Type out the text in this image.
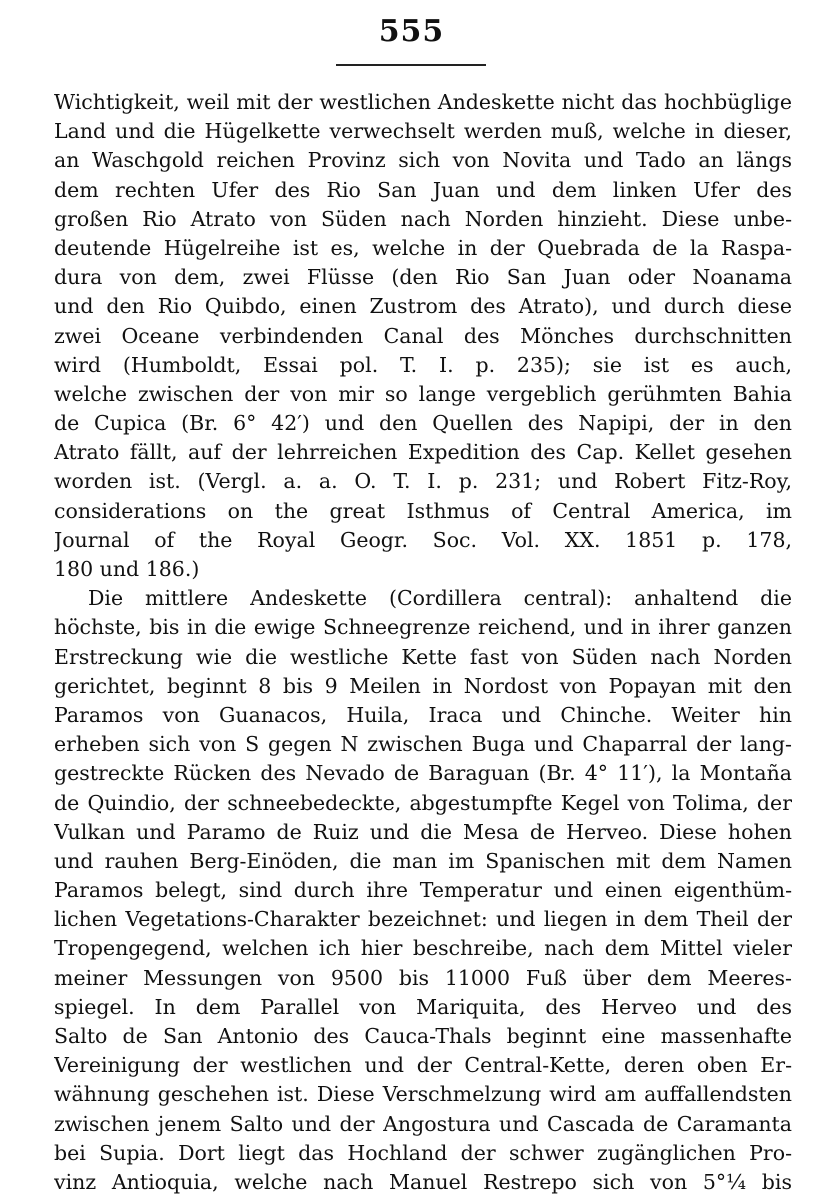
555
Wichtigkeit, weil mit der westlichen Andeskette nicht das hochbüglige
Land und die Hügelkette verwechselt werden muß, welche in dieser,
an Waschgold reichen Provinz sich von Novita und Tado an längs
dem rechten Ufer des Rio San Juan und dem linken Ufer des
großen Rio Atrato von Süden nach Norden hinzieht. Diese unbe-
deutende Hügelreihe ist es, welche in der Quebrada de la Raspa-
dura von dem, zwei Flüsse (den Rio San Juan oder Noanama
und den Rio Quibdo, einen Zustrom des Atrato), und durch diese
zwei Oceane verbindenden Canal des Mönches durchschnitten
wird (Humboldt, Essai pol. T. I. p. 235); sie ist es auch,
welche zwischen der von mir so lange vergeblich gerühmten Bahia
de Cupica (Br. 6° 42′) und den Quellen des Napipi, der in den
Atrato fällt, auf der lehrreichen Expedition des Cap. Kellet gesehen
worden ist. (Vergl. a. a. O. T. I. p. 231; und Robert Fitz-Roy,
considerations on the great Isthmus of Central America, im
Journal of the Royal Geogr. Soc. Vol. XX. 1851 p. 178,
180 und 186.)
Die mittlere Andeskette (Cordillera central): anhaltend die
höchste, bis in die ewige Schneegrenze reichend, und in ihrer ganzen
Erstreckung wie die westliche Kette fast von Süden nach Norden
gerichtet, beginnt 8 bis 9 Meilen in Nordost von Popayan mit den
Paramos von Guanacos, Huila, Iraca und Chinche. Weiter hin
erheben sich von S gegen N zwischen Buga und Chaparral der lang-
gestreckte Rücken des Nevado de Baraguan (Br. 4° 11′), la Montaña
de Quindio, der schneebedeckte, abgestumpfte Kegel von Tolima, der
Vulkan und Paramo de Ruiz und die Mesa de Herveo. Diese hohen
und rauhen Berg-Einöden, die man im Spanischen mit dem Namen
Paramos belegt, sind durch ihre Temperatur und einen eigenthüm-
lichen Vegetations-Charakter bezeichnet: und liegen in dem Theil der
Tropengegend, welchen ich hier beschreibe, nach dem Mittel vieler
meiner Messungen von 9500 bis 11000 Fuß über dem Meeres-
spiegel. In dem Parallel von Mariquita, des Herveo und des
Salto de San Antonio des Cauca-Thals beginnt eine massenhafte
Vereinigung der westlichen und der Central-Kette, deren oben Er-
wähnung geschehen ist. Diese Verschmelzung wird am auffallendsten
zwischen jenem Salto und der Angostura und Cascada de Caramanta
bei Supia. Dort liegt das Hochland der schwer zugänglichen Pro-
vinz Antioquia, welche nach Manuel Restrepo sich von 5°¼ bis
